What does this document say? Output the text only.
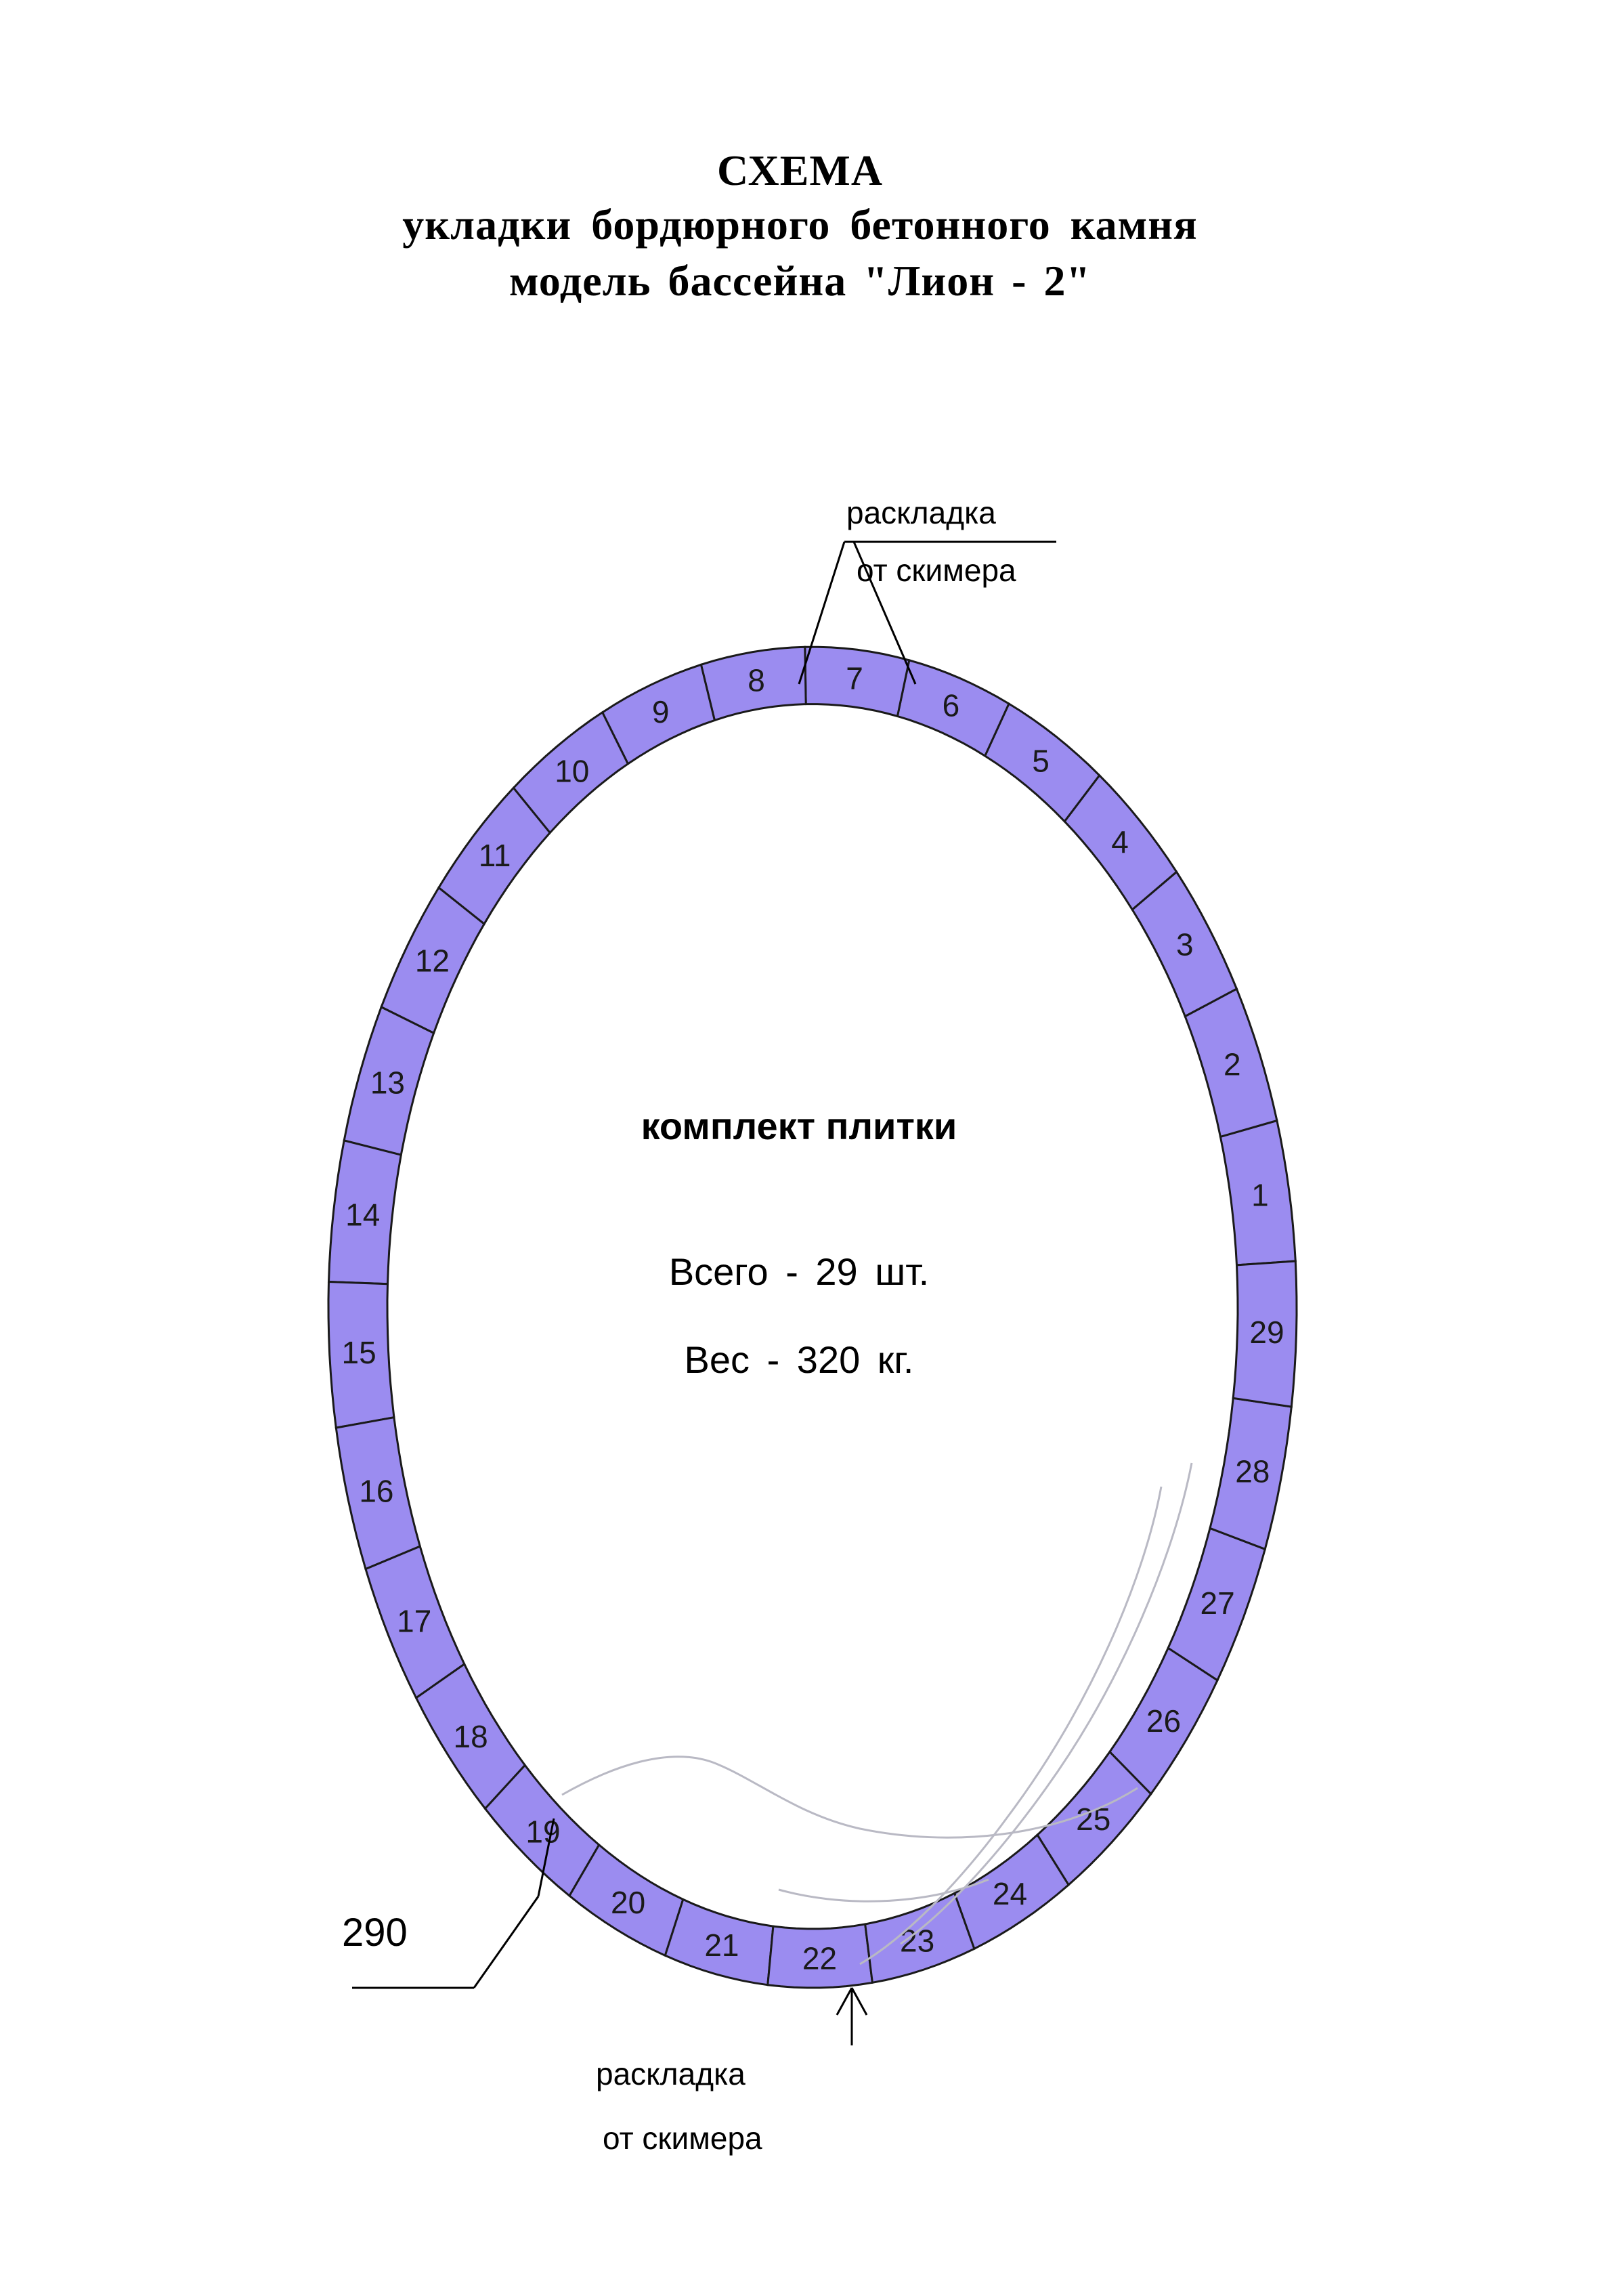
СХЕМА
укладки бордюрного бетонного камня
модель бассейна "Лион - 2"
1
2
3
4
5
6
7
8
9
10
11
12
13
14
15
16
17
18
19
20
21 22 23
24
25
26
27
28
29
комплект плитки
Всего - 29 шт.
Вес - 320 кг.
раскладка
от скимера
раскладка
от скимера
290
